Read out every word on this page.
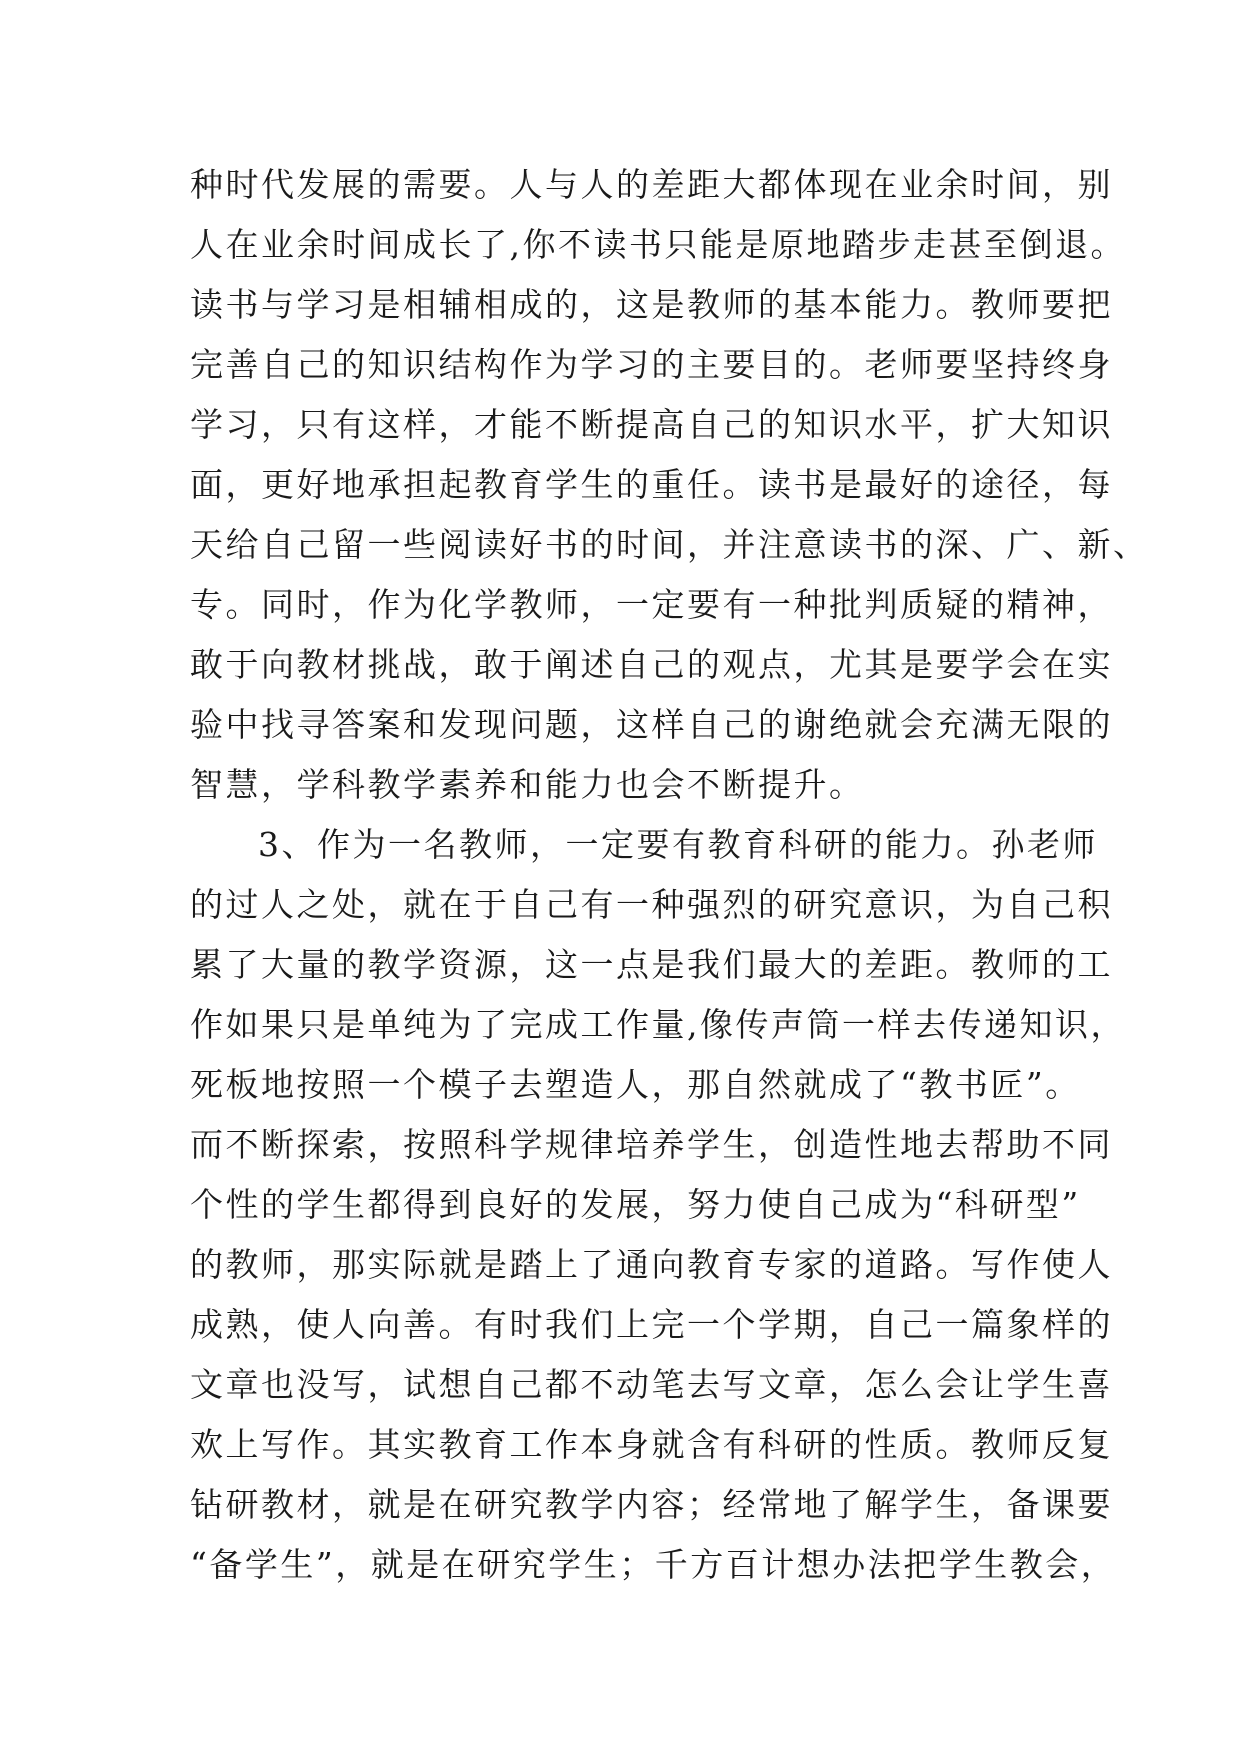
种时代发展的需要。人与人的差距大都体现在业余时间，别
人在业余时间成长了,你不读书只能是原地踏步走甚至倒退。
读书与学习是相辅相成的，这是教师的基本能力。教师要把
完善自己的知识结构作为学习的主要目的。老师要坚持终身
学习，只有这样，才能不断提高自己的知识水平，扩大知识
面，更好地承担起教育学生的重任。读书是最好的途径，每
天给自己留一些阅读好书的时间，并注意读书的深、广、新、
专。同时，作为化学教师，一定要有一种批判质疑的精神，
敢于向教材挑战，敢于阐述自己的观点，尤其是要学会在实
验中找寻答案和发现问题，这样自己的谢绝就会充满无限的
智慧，学科教学素养和能力也会不断提升。
3、作为一名教师，一定要有教育科研的能力。孙老师
的过人之处，就在于自己有一种强烈的研究意识，为自己积
累了大量的教学资源，这一点是我们最大的差距。教师的工
作如果只是单纯为了完成工作量,像传声筒一样去传递知识，
死板地按照一个模子去塑造人，那自然就成了“教书匠”。
而不断探索，按照科学规律培养学生，创造性地去帮助不同
个性的学生都得到良好的发展，努力使自己成为“科研型”
的教师，那实际就是踏上了通向教育专家的道路。写作使人
成熟，使人向善。有时我们上完一个学期，自己一篇象样的
文章也没写，试想自己都不动笔去写文章，怎么会让学生喜
欢上写作。其实教育工作本身就含有科研的性质。教师反复
钻研教材，就是在研究教学内容；经常地了解学生，备课要
“备学生”，就是在研究学生；千方百计想办法把学生教会，
